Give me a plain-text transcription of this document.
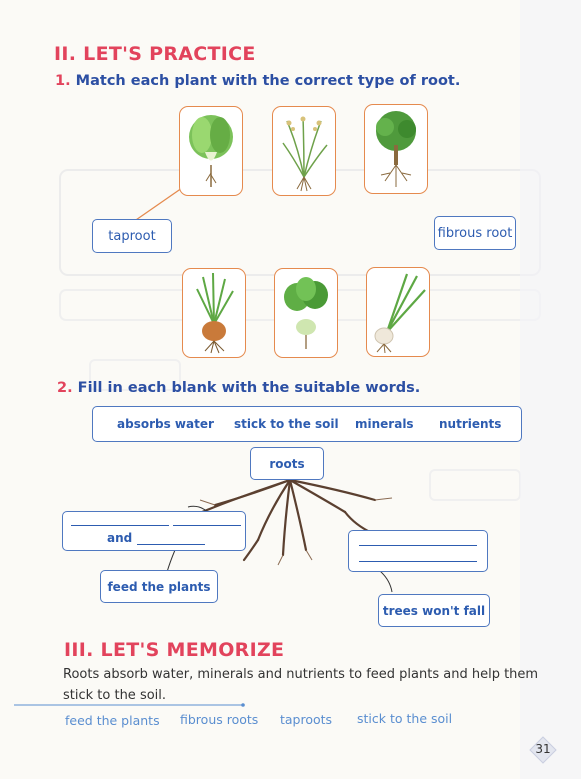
II. LET'S PRACTICE
1. Match each plant with the correct type of root.
taproot	fibrous root
2. Fill in each blank with the suitable words.
absorbs water stick to the soil minerals nutrients
roots
and
feed the plants
trees won't fall
III. LET'S MEMORIZE
Roots absorb water, minerals and nutrients to feed plants and help them
stick to the soil.
feed the plants fibrous roots taproots stick to the soil
31
